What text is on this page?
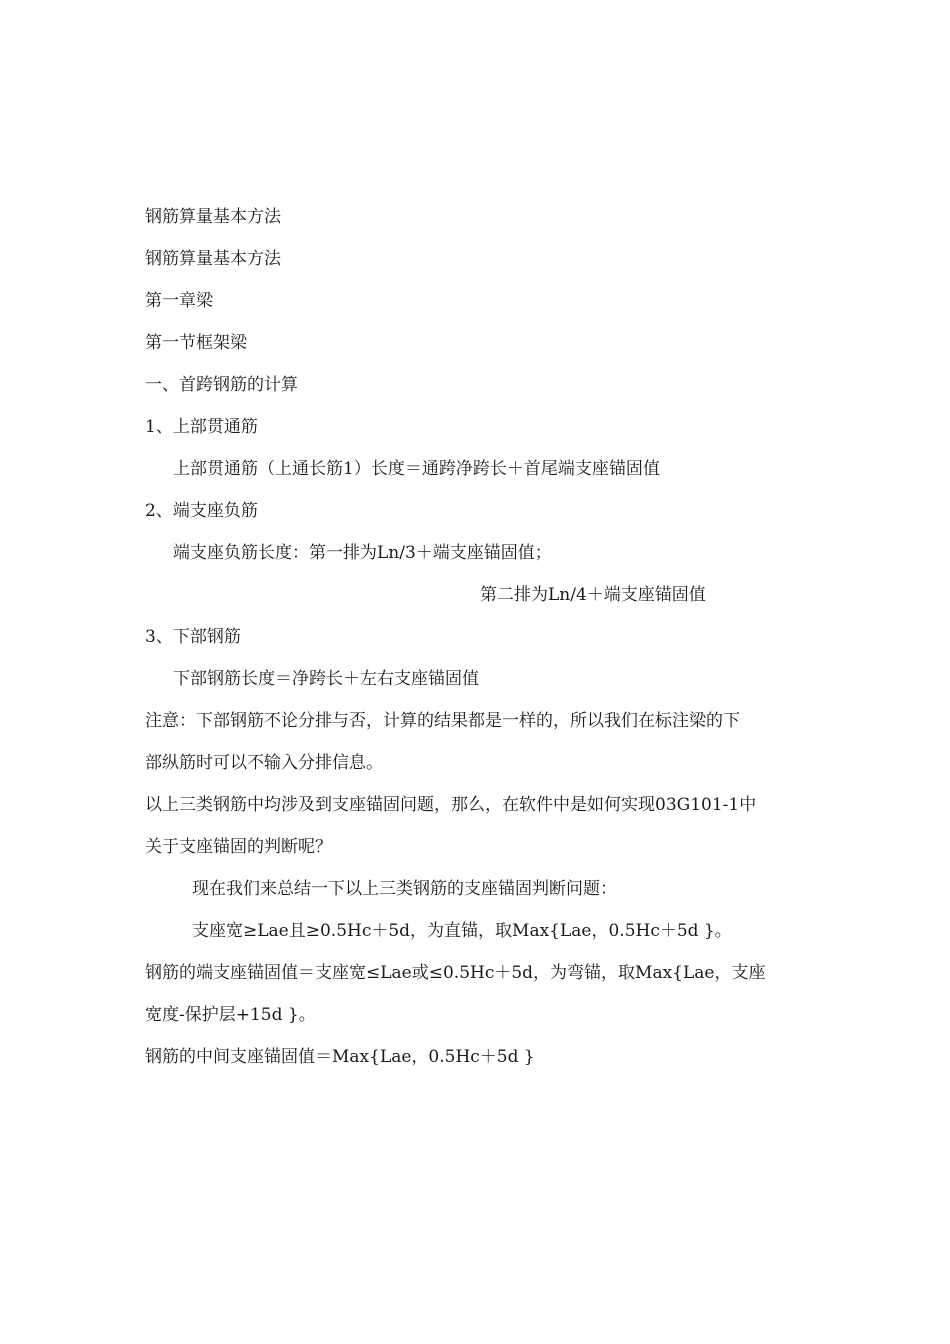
钢筋算量基本方法

钢筋算量基本方法

第一章梁

第一节框架梁

一、首跨钢筋的计算

1、上部贯通筋

上部贯通筋（上通长筋1）长度＝通跨净跨长＋首尾端支座锚固值

2、端支座负筋

端支座负筋长度：第一排为Ln/3＋端支座锚固值；

第二排为Ln/4＋端支座锚固值

3、下部钢筋

下部钢筋长度＝净跨长＋左右支座锚固值

注意：下部钢筋不论分排与否，计算的结果都是一样的，所以我们在标注梁的下

部纵筋时可以不输入分排信息。

以上三类钢筋中均涉及到支座锚固问题，那么，在软件中是如何实现03G101-1中

关于支座锚固的判断呢？

现在我们来总结一下以上三类钢筋的支座锚固判断问题：

支座宽≥Lae且≥0.5Hc＋5d，为直锚，取Max{Lae，0.5Hc＋5d }。

钢筋的端支座锚固值＝支座宽≤Lae或≤0.5Hc＋5d，为弯锚，取Max{Lae，支座

宽度-保护层+15d }。

钢筋的中间支座锚固值＝Max{Lae，0.5Hc＋5d }
